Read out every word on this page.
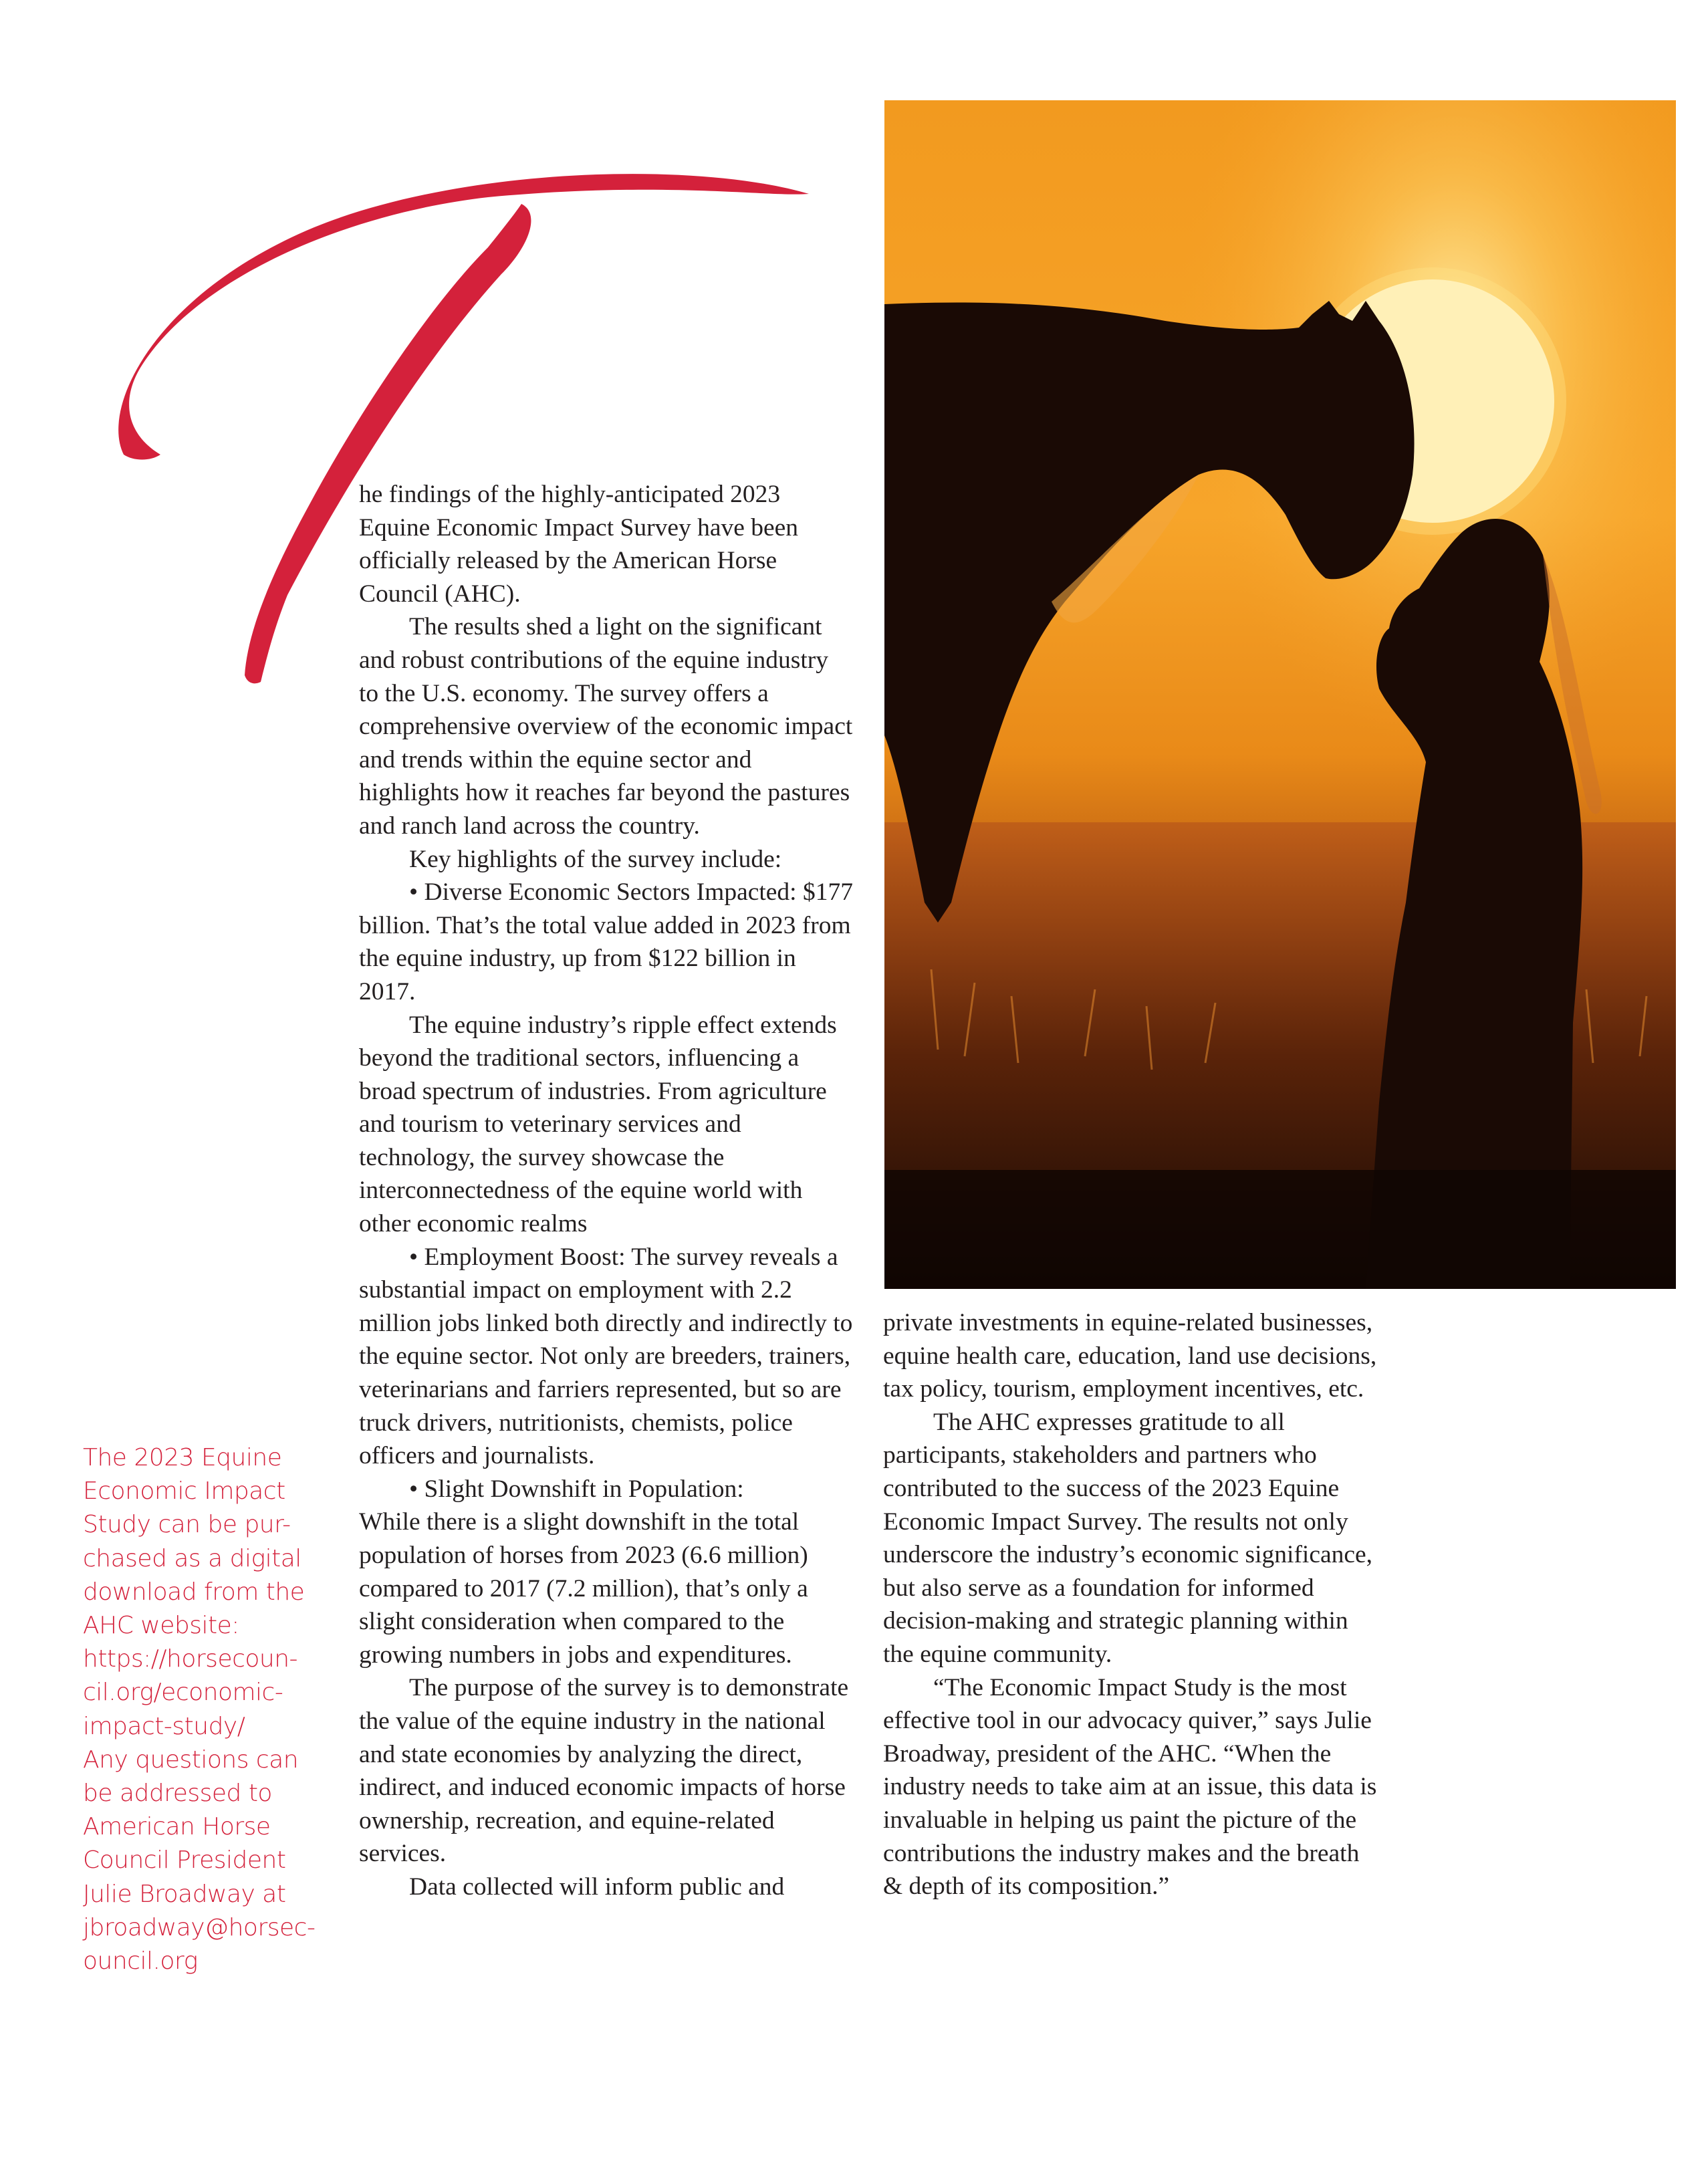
he findings of the highly-anticipated 2023 Equine Economic Impact Survey have been officially released by the American Horse Council (AHC).

The results shed a light on the significant and robust contributions of the equine industry to the U.S. economy. The survey offers a comprehensive overview of the economic impact and trends within the equine sector and highlights how it reaches far beyond the pastures and ranch land across the country.

Key highlights of the survey include:

• Diverse Economic Sectors Impacted: $177 billion. That’s the total value added in 2023 from the equine industry, up from $122 billion in 2017.

The equine industry’s ripple effect extends beyond the traditional sectors, influencing a broad spectrum of industries. From agriculture and tourism to veterinary services and technology, the survey showcase the interconnectedness of the equine world with other economic realms

• Employment Boost: The survey reveals a substantial impact on employment with 2.2 million jobs linked both directly and indirectly to the equine sector. Not only are breeders, trainers, veterinarians and farriers represented, but so are truck drivers, nutritionists, chemists, police officers and journalists.

• Slight Downshift in Population:

While there is a slight downshift in the total population of horses from 2023 (6.6 million) compared to 2017 (7.2 million), that’s only a slight consideration when compared to the growing numbers in jobs and expenditures.

The purpose of the survey is to demonstrate the value of the equine industry in the national and state economies by analyzing the direct, indirect, and induced economic impacts of horse ownership, recreation, and equine-related services.

Data collected will inform public and

private investments in equine-related businesses, equine health care, education, land use decisions, tax policy, tourism, employment incentives, etc.

The AHC expresses gratitude to all participants, stakeholders and partners who contributed to the success of the 2023 Equine Economic Impact Survey. The results not only underscore the industry’s economic significance, but also serve as a foundation for informed decision-making and strategic planning within the equine community.

“The Economic Impact Study is the most effective tool in our advocacy quiver,” says Julie Broadway, president of the AHC. “When the industry needs to take aim at an issue, this data is invaluable in helping us paint the picture of the contributions the industry makes and the breath & depth of its composition.”

The 2023 Equine
Economic Impact
Study can be pur-
chased as a digital
download from the
AHC website:
https://horsecoun-
cil.org/economic-
impact-study/
Any questions can
be addressed to
American Horse
Council President
Julie Broadway at
jbroadway@horsec-
ouncil.org
